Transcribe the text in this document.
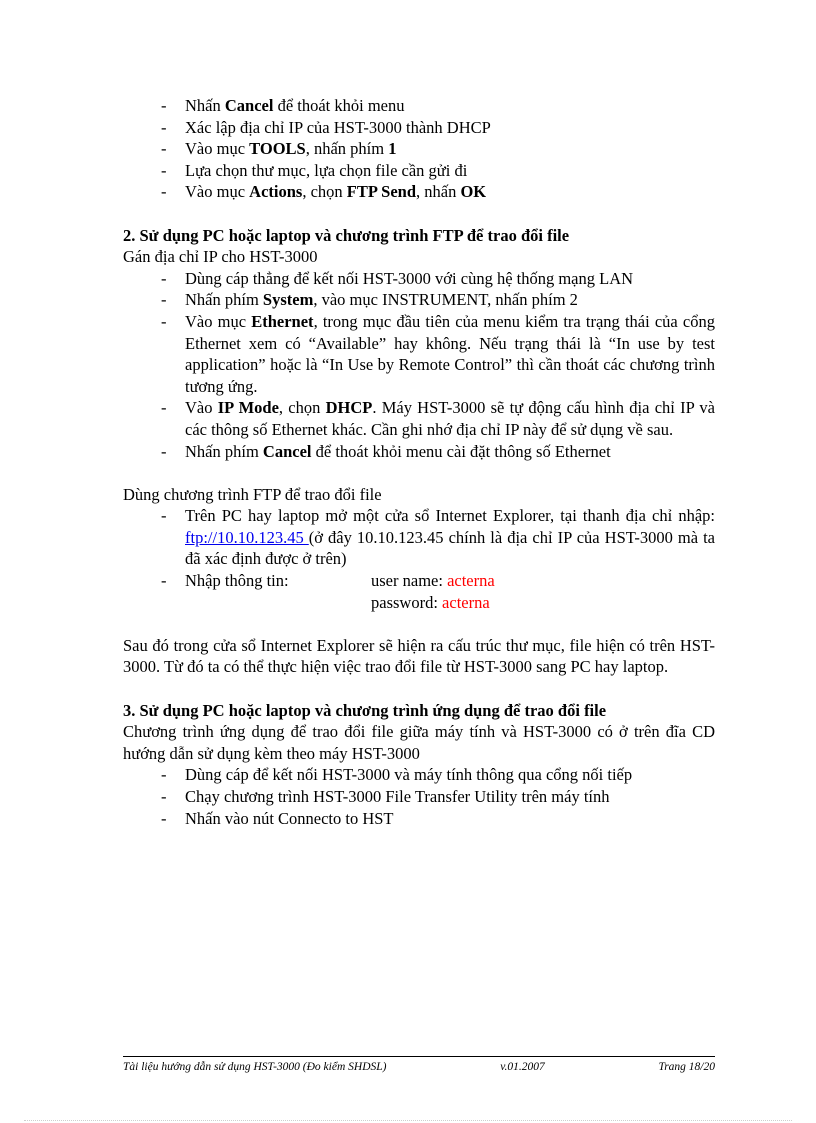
- Nhấn Cancel để thoát khỏi menu
- Xác lập địa chỉ IP của HST-3000 thành DHCP
- Vào mục TOOLS, nhấn phím 1
- Lựa chọn thư mục, lựa chọn file cần gửi đi
- Vào mục Actions, chọn FTP Send, nhấn OK
2. Sử dụng PC hoặc laptop và chương trình FTP để trao đổi file
Gán địa chỉ IP cho HST-3000
- Dùng cáp thẳng để kết nối HST-3000 với cùng hệ thống mạng LAN
- Nhấn phím System, vào mục INSTRUMENT, nhấn phím 2
- Vào mục Ethernet, trong mục đầu tiên của menu kiểm tra trạng thái của cổng Ethernet xem có “Available” hay không. Nếu trạng thái là “In use by test application” hoặc là “In Use by Remote Control” thì cần thoát các chương trình tương ứng.
- Vào IP Mode, chọn DHCP. Máy HST-3000 sẽ tự động cấu hình địa chỉ IP và các thông số Ethernet khác. Cần ghi nhớ địa chỉ IP này để sử dụng về sau.
- Nhấn phím Cancel để thoát khỏi menu cài đặt thông số Ethernet
Dùng chương trình FTP để trao đổi file
- Trên PC hay laptop mở một cửa sổ Internet Explorer, tại thanh địa chỉ nhập: ftp://10.10.123.45 (ở đây 10.10.123.45 chính là địa chỉ IP của HST-3000 mà ta đã xác định được ở trên)
- Nhập thông tin:	user name: acterna
password: acterna
Sau đó trong cửa sổ Internet Explorer sẽ hiện ra cấu trúc thư mục, file hiện có trên HST-3000. Từ đó ta có thể thực hiện việc trao đổi file từ HST-3000 sang PC hay laptop.
3. Sử dụng PC hoặc laptop và chương trình ứng dụng để trao đổi file
Chương trình ứng dụng để trao đổi file giữa máy tính và HST-3000 có ở trên đĩa CD hướng dẫn sử dụng kèm theo máy HST-3000
- Dùng cáp để kết nối HST-3000 và máy tính thông qua cổng nối tiếp
- Chạy chương trình HST-3000 File Transfer Utility trên máy tính
- Nhấn vào nút Connecto to HST
Tài liệu hướng dẫn sử dụng HST-3000 (Đo kiểm SHDSL)	v.01.2007	Trang 18/20
